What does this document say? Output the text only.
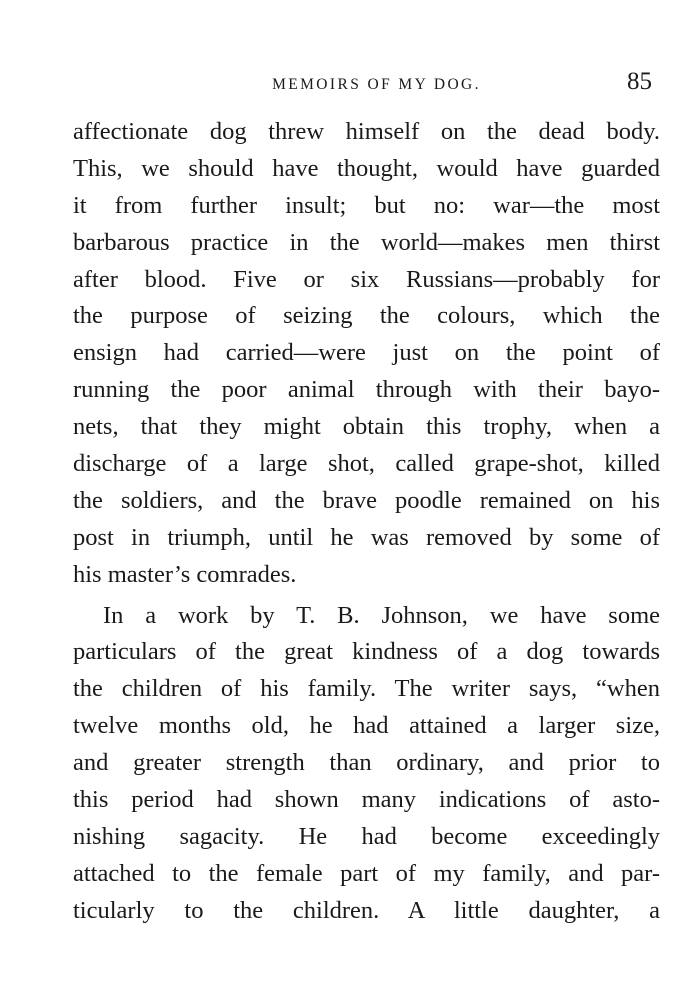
MEMOIRS OF MY DOG.	85
affectionate dog threw himself on the dead body.
This, we should have thought, would have guarded
it from further insult; but no: war—the most
barbarous practice in the world—makes men thirst
after blood. Five or six Russians—probably for
the purpose of seizing the colours, which the
ensign had carried—were just on the point of
running the poor animal through with their bayo-
nets, that they might obtain this trophy, when a
discharge of a large shot, called grape-shot, killed
the soldiers, and the brave poodle remained on his
post in triumph, until he was removed by some of
his master’s comrades.
In a work by T. B. Johnson, we have some
particulars of the great kindness of a dog towards
the children of his family. The writer says, “when
twelve months old, he had attained a larger size,
and greater strength than ordinary, and prior to
this period had shown many indications of asto-
nishing sagacity. He had become exceedingly
attached to the female part of my family, and par-
ticularly to the children. A little daughter, a
